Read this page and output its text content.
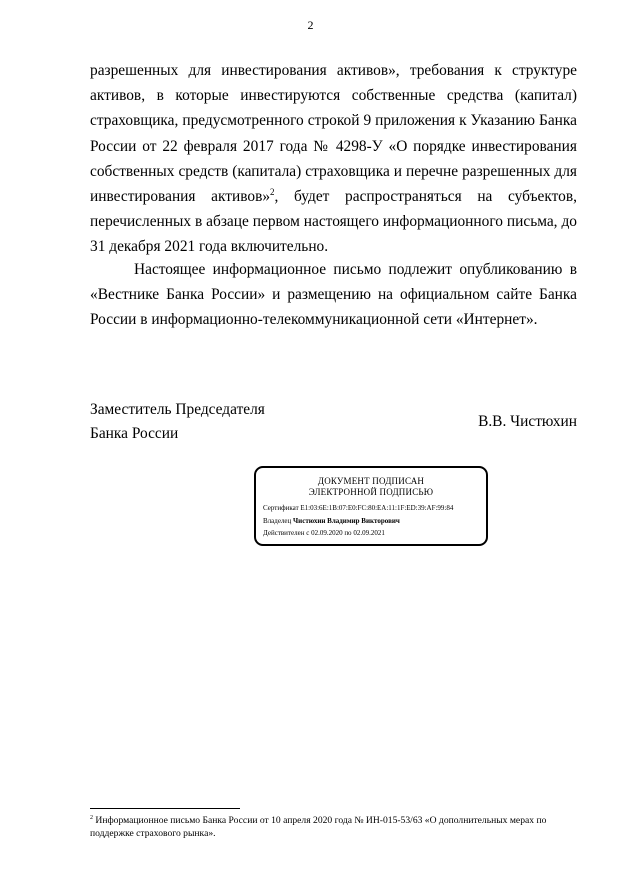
2

разрешенных для инвестирования активов», требования к структуре активов, в которые инвестируются собственные средства (капитал) страховщика, предусмотренного строкой 9 приложения к Указанию Банка России от 22 февраля 2017 года № 4298-У «О порядке инвестирования собственных средств (капитала) страховщика и перечне разрешенных для инвестирования активов»$^2$, будет распространяться на субъектов, перечисленных в абзаце первом настоящего информационного письма, до 31 декабря 2021 года включительно.

Настоящее информационное письмо подлежит опубликованию в «Вестнике Банка России» и размещению на официальном сайте Банка России в информационно-телекоммуникационной сети «Интернет».

Заместитель Председателя
Банка России
В.В. Чистюхин
ДОКУМЕНТ ПОДПИСАН
ЭЛЕКТРОННОЙ ПОДПИСЬЮ
Сертификат E1:03:6E:1B:07:E0:FC:80:EA:11:1F:ED:39:AF:99:84
Владелец Чистюхин Владимир Викторович
Действителен с 02.09.2020 по 02.09.2021
$^2$ Информационное письмо Банка России от 10 апреля 2020 года № ИН-015-53/63 «О дополнительных мерах по поддержке страхового рынка».
